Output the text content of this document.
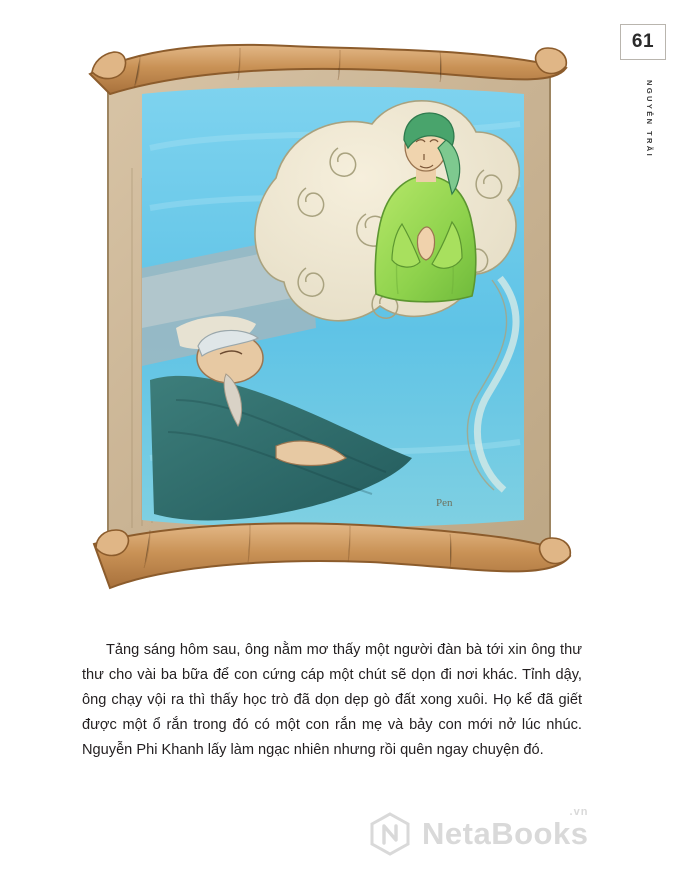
61
NGUYỄN TRÃI
Pen
Tảng sáng hôm sau, ông nằm mơ thấy một người đàn bà tới xin ông thư thư cho vài ba bữa để con cứng cáp một chút sẽ dọn đi nơi khác. Tỉnh dậy, ông chạy vội ra thì thấy học trò đã dọn dẹp gò đất xong xuôi. Họ kể đã giết được một ổ rắn trong đó có một con rắn mẹ và bảy con mới nở lúc nhúc. Nguyễn Phi Khanh lấy làm ngạc nhiên nhưng rồi quên ngay chuyện đó.
NetaBooks
.vn
